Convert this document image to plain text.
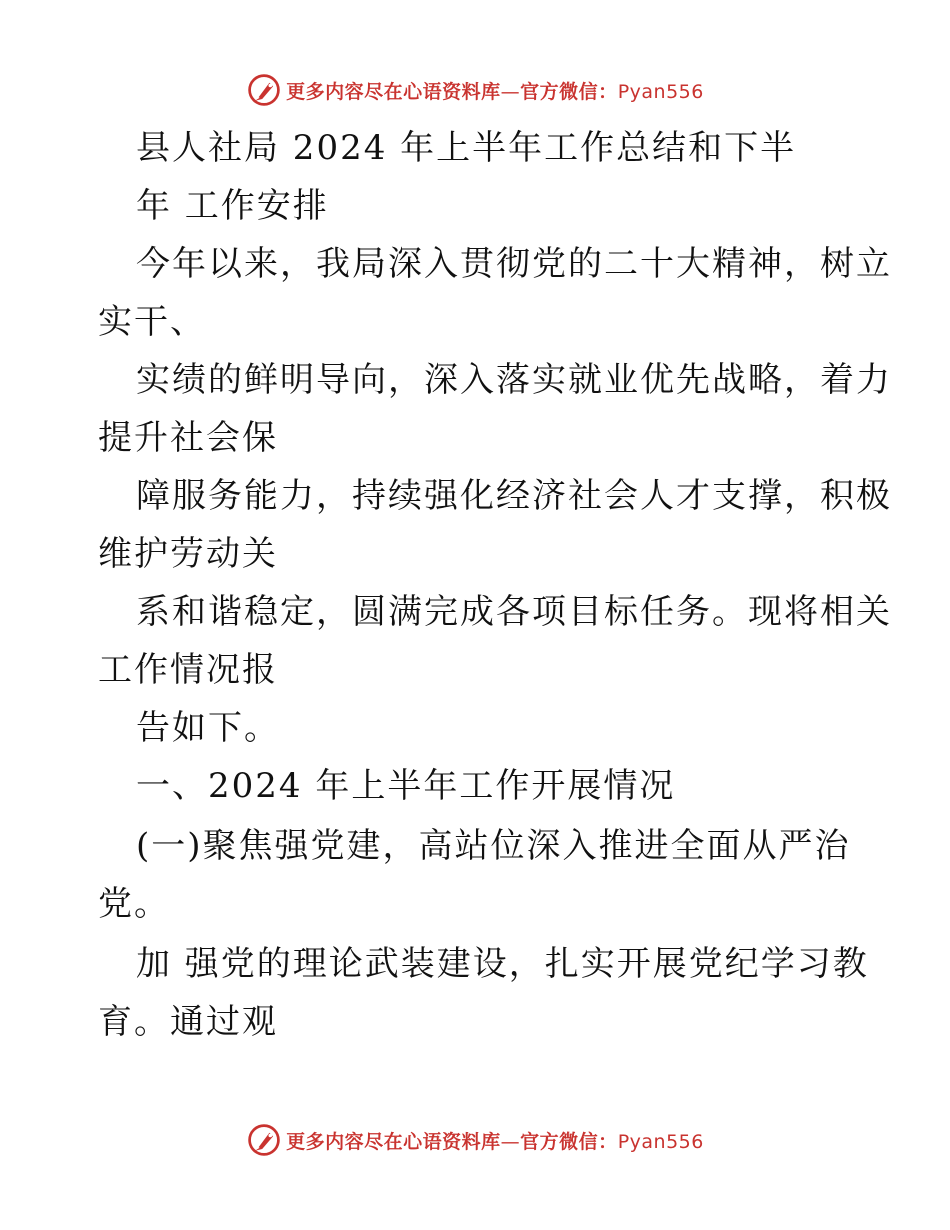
更多内容尽在心语资料库—官方微信：Pyan556
县人社局 2024 年上半年工作总结和下半
年 工作安排
今年以来，我局深入贯彻党的二十大精神，树立
实干、
实绩的鲜明导向，深入落实就业优先战略，着力
提升社会保
障服务能力，持续强化经济社会人才支撑，积极
维护劳动关
系和谐稳定，圆满完成各项目标任务。现将相关
工作情况报
告如下。
一、2024 年上半年工作开展情况
(一)聚焦强党建，高站位深入推进全面从严治
党。
加 强党的理论武装建设，扎实开展党纪学习教
育。通过观
更多内容尽在心语资料库—官方微信：Pyan556
